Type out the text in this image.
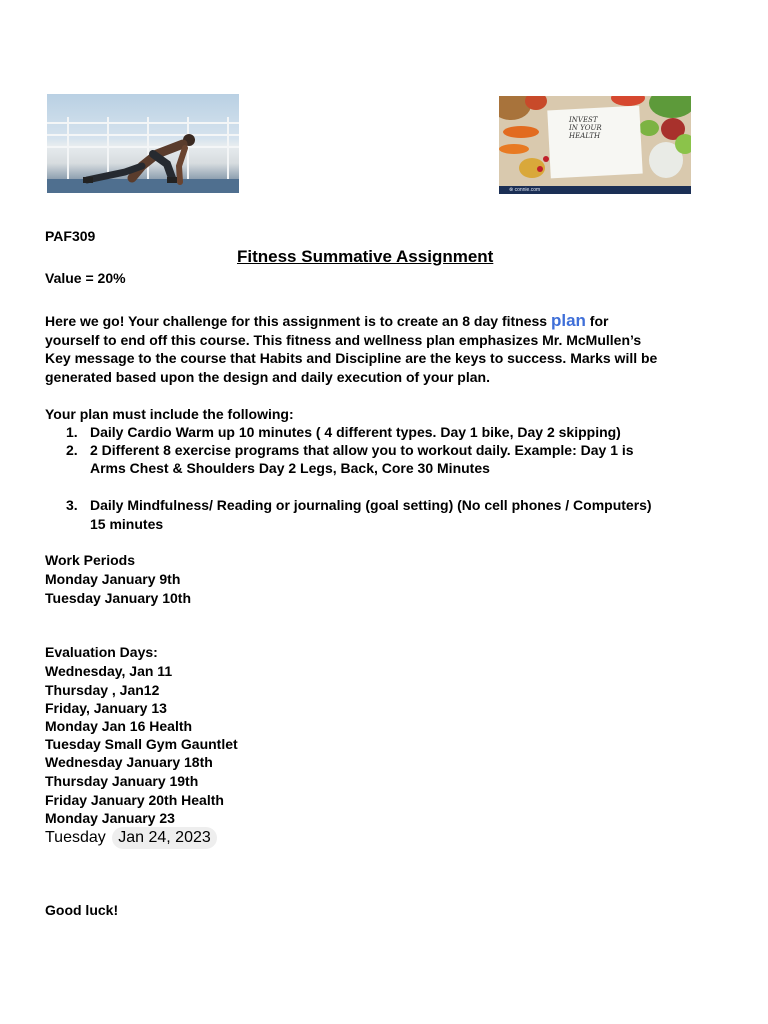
INVEST
IN YOUR
HEALTH
⊗ connie.com
PAF309
Fitness Summative Assignment
Value = 20%
Here we go! Your challenge for this assignment is to create an 8 day fitness plan for
yourself to end off this course. This fitness and wellness plan emphasizes Mr. McMullen’s
Key message to the course that Habits and Discipline are the keys to success. Marks will be
generated based upon the design and daily execution of your plan.
Your plan must include the following:
1. Daily Cardio Warm up 10 minutes ( 4 different types. Day 1 bike, Day 2 skipping)
2. 2 Different 8 exercise programs that allow you to workout daily. Example: Day 1 is
Arms Chest & Shoulders Day 2 Legs, Back, Core 30 Minutes
3. Daily Mindfulness/ Reading or journaling (goal setting) (No cell phones / Computers)
15 minutes
Work Periods
Monday January 9th
Tuesday January 10th
Evaluation Days:
Wednesday, Jan 11
Thursday , Jan12
Friday, January 13
Monday Jan 16 Health
Tuesday Small Gym Gauntlet
Wednesday January 18th
Thursday January 19th
Friday January 20th Health
Monday January 23
Tuesday Jan 24, 2023
Good luck!
